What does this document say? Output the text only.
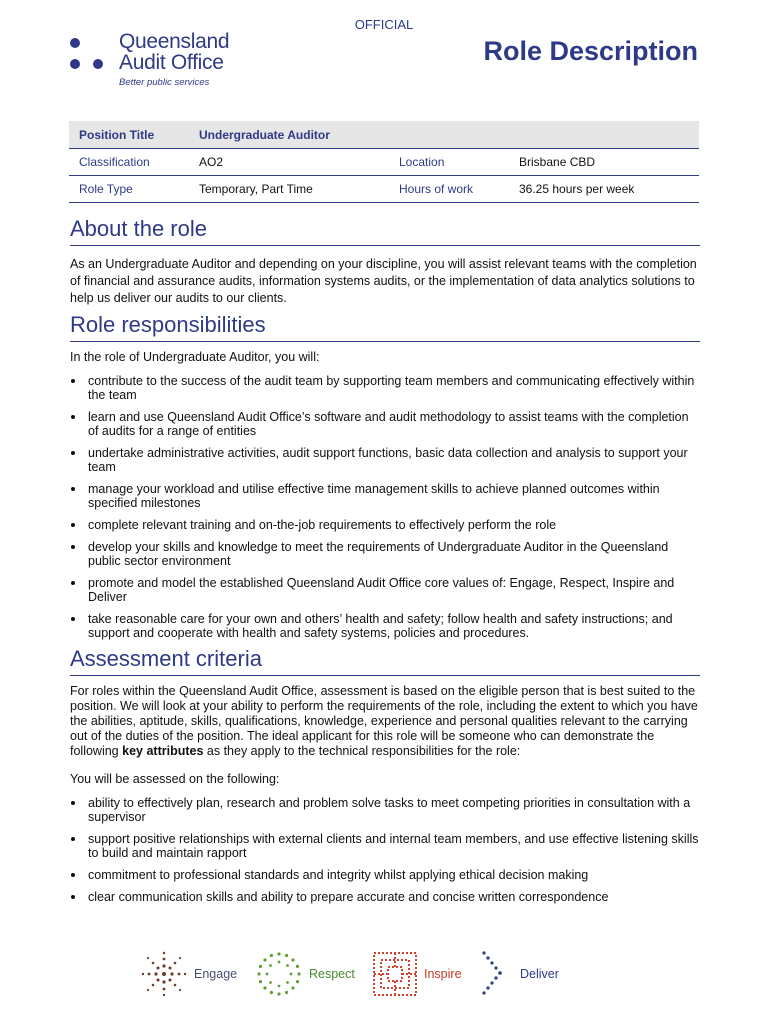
OFFICIAL
Queensland
Audit Office
Better public services
Role Description
Position Title	Undergraduate Auditor		
Classification	AO2	Location	Brisbane CBD
Role Type	Temporary, Part Time	Hours of work	36.25 hours per week
About the role
As an Undergraduate Auditor and depending on your discipline, you will assist relevant teams with the completion of financial and assurance audits, information systems audits, or the implementation of data analytics solutions to help us deliver our audits to our clients.
Role responsibilities
In the role of Undergraduate Auditor, you will:
contribute to the success of the audit team by supporting team members and communicating effectively within the team
learn and use Queensland Audit Office’s software and audit methodology to assist teams with the completion of audits for a range of entities
undertake administrative activities, audit support functions, basic data collection and analysis to support your team
manage your workload and utilise effective time management skills to achieve planned outcomes within specified milestones
complete relevant training and on-the-job requirements to effectively perform the role
develop your skills and knowledge to meet the requirements of Undergraduate Auditor in the Queensland public sector environment
promote and model the established Queensland Audit Office core values of: Engage, Respect, Inspire and Deliver
take reasonable care for your own and others’ health and safety; follow health and safety instructions; and support and cooperate with health and safety systems, policies and procedures.
Assessment criteria
For roles within the Queensland Audit Office, assessment is based on the eligible person that is best suited to the position. We will look at your ability to perform the requirements of the role, including the extent to which you have the abilities, aptitude, skills, qualifications, knowledge, experience and personal qualities relevant to the carrying out of the duties of the position. The ideal applicant for this role will be someone who can demonstrate the following key attributes as they apply to the technical responsibilities for the role:
You will be assessed on the following:
ability to effectively plan, research and problem solve tasks to meet competing priorities in consultation with a supervisor
support positive relationships with external clients and internal team members, and use effective listening skills to build and maintain rapport
commitment to professional standards and integrity whilst applying ethical decision making
clear communication skills and ability to prepare accurate and concise written correspondence
Engage	Respect	Inspire	Deliver
